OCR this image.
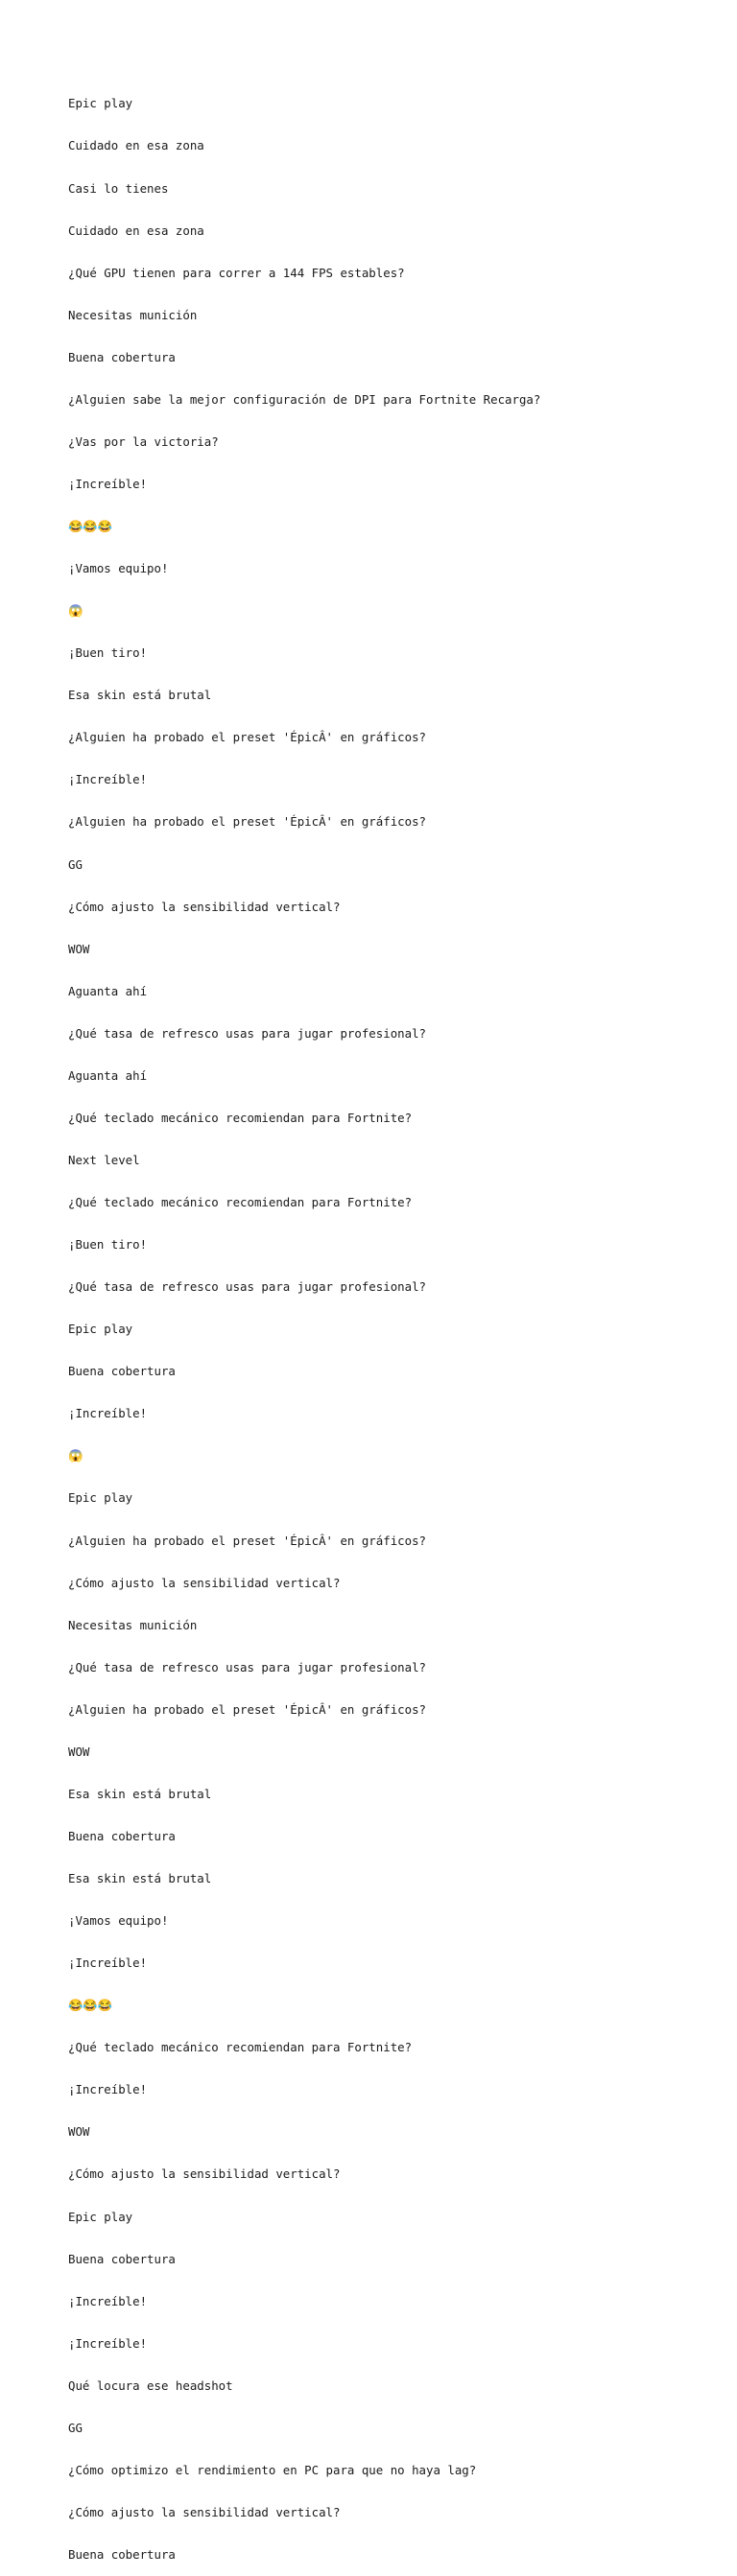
Epic play

Cuidado en esa zona

Casi lo tienes

Cuidado en esa zona

¿Qué GPU tienen para correr a 144 FPS estables?

Necesitas munición

Buena cobertura

¿Alguien sabe la mejor configuración de DPI para Fortnite Recarga?

¿Vas por la victoria?

¡Increíble!

😂😂😂

¡Vamos equipo!

😱

¡Buen tiro!

Esa skin está brutal

¿Alguien ha probado el preset 'ÉpicÂ' en gráficos?

¡Increíble!

¿Alguien ha probado el preset 'ÉpicÂ' en gráficos?

GG

¿Cómo ajusto la sensibilidad vertical?

WOW

Aguanta ahí

¿Qué tasa de refresco usas para jugar profesional?

Aguanta ahí

¿Qué teclado mecánico recomiendan para Fortnite?

Next level

¿Qué teclado mecánico recomiendan para Fortnite?

¡Buen tiro!

¿Qué tasa de refresco usas para jugar profesional?

Epic play

Buena cobertura

¡Increíble!

😱

Epic play

¿Alguien ha probado el preset 'ÉpicÂ' en gráficos?

¿Cómo ajusto la sensibilidad vertical?

Necesitas munición

¿Qué tasa de refresco usas para jugar profesional?

¿Alguien ha probado el preset 'ÉpicÂ' en gráficos?

WOW

Esa skin está brutal

Buena cobertura

Esa skin está brutal

¡Vamos equipo!

¡Increíble!

😂😂😂

¿Qué teclado mecánico recomiendan para Fortnite?

¡Increíble!

WOW

¿Cómo ajusto la sensibilidad vertical?

Epic play

Buena cobertura

¡Increíble!

¡Increíble!

Qué locura ese headshot

GG

¿Cómo optimizo el rendimiento en PC para que no haya lag?

¿Cómo ajusto la sensibilidad vertical?

Buena cobertura
